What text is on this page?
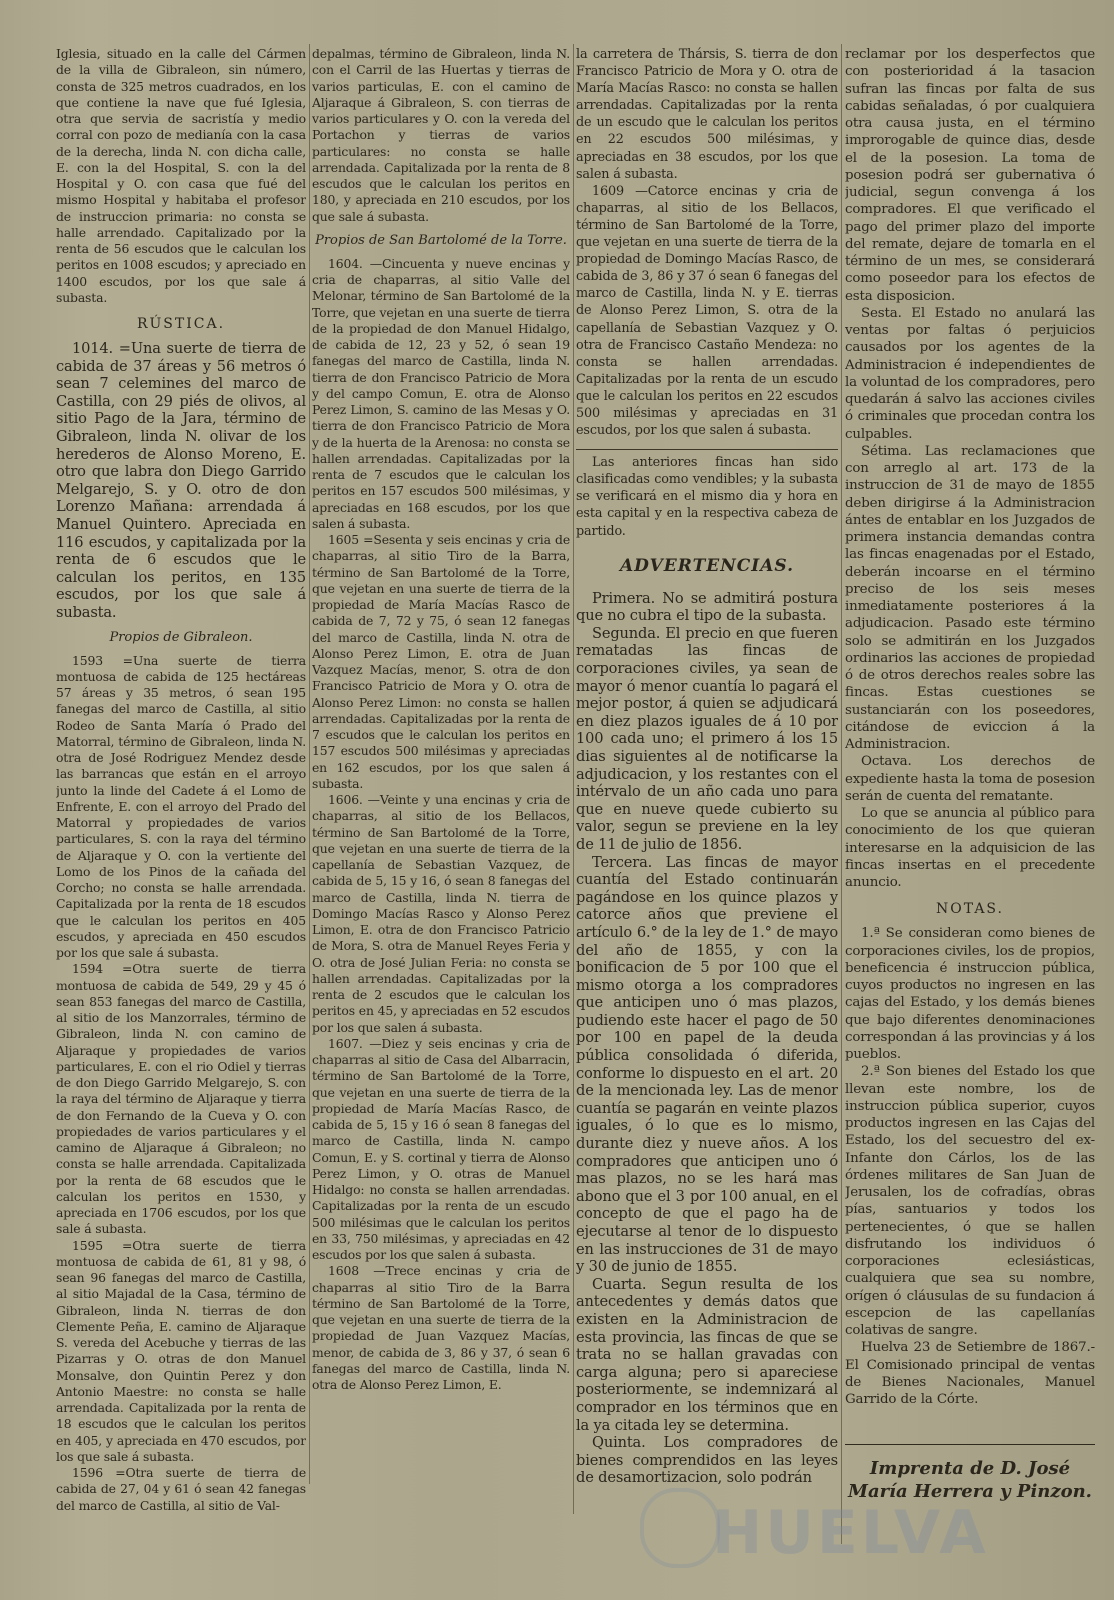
Iglesia, situado en la calle del Cármen de la villa de Gibraleon, sin número, consta de 325 metros cuadrados, en los que contiene la nave que fué Iglesia, otra que servia de sacristía y medio corral con pozo de medianía con la casa de la derecha, linda N. con dicha calle, E. con la del Hospital, S. con la del Hospital y O. con casa que fué del mismo Hospital y habitaba el profesor de instruccion primaria: no consta se halle arrendado. Capitalizado por la renta de 56 escudos que le calculan los peritos en 1008 escudos; y apreciado en 1400 escudos, por los que sale á subasta.

RÚSTICA.

1014. =Una suerte de tierra de cabida de 37 áreas y 56 metros ó sean 7 celemines del marco de Castilla, con 29 piés de olivos, al sitio Pago de la Jara, término de Gibraleon, linda N. olivar de los herederos de Alonso Moreno, E. otro que labra don Diego Garrido Melgarejo, S. y O. otro de don Lorenzo Mañana: arrendada á Manuel Quintero. Apreciada en 116 escudos, y capitalizada por la renta de 6 escudos que le calculan los peritos, en 135 escudos, por los que sale á subasta.

Propios de Gibraleon.

1593 =Una suerte de tierra montuosa de cabida de 125 hectáreas 57 áreas y 35 metros, ó sean 195 fanegas del marco de Castilla, al sitio Rodeo de Santa María ó Prado del Matorral, término de Gibraleon, linda N. otra de José Rodriguez Mendez desde las barrancas que están en el arroyo junto la linde del Cadete á el Lomo de Enfrente, E. con el arroyo del Prado del Matorral y propiedades de varios particulares, S. con la raya del término de Aljaraque y O. con la vertiente del Lomo de los Pinos de la cañada del Corcho; no consta se halle arrendada. Capitalizada por la renta de 18 escudos que le calculan los peritos en 405 escudos, y apreciada en 450 escudos por los que sale á subasta.

1594 =Otra suerte de tierra montuosa de cabida de 549, 29 y 45 ó sean 853 fanegas del marco de Castilla, al sitio de los Manzorrales, término de Gibraleon, linda N. con camino de Aljaraque y propiedades de varios particulares, E. con el rio Odiel y tierras de don Diego Garrido Melgarejo, S. con la raya del término de Aljaraque y tierra de don Fernando de la Cueva y O. con propiedades de varios particulares y el camino de Aljaraque á Gibraleon; no consta se halle arrendada. Capitalizada por la renta de 68 escudos que le calculan los peritos en 1530, y apreciada en 1706 escudos, por los que sale á subasta.

1595 =Otra suerte de tierra montuosa de cabida de 61, 81 y 98, ó sean 96 fanegas del marco de Castilla, al sitio Majadal de la Casa, término de Gibraleon, linda N. tierras de don Clemente Peña, E. camino de Aljaraque S. vereda del Acebuche y tierras de las Pizarras y O. otras de don Manuel Monsalve, don Quintin Perez y don Antonio Maestre: no consta se halle arrendada. Capitalizada por la renta de 18 escudos que le calculan los peritos en 405, y apreciada en 470 escudos, por los que sale á subasta.

1596 =Otra suerte de tierra de cabida de 27, 04 y 61 ó sean 42 fanegas del marco de Castilla, al sitio de Val-

depalmas, término de Gibraleon, linda N. con el Carril de las Huertas y tierras de varios particulas, E. con el camino de Aljaraque á Gibraleon, S. con tierras de varios particulares y O. con la vereda del Portachon y tierras de varios particulares: no consta se halle arrendada. Capitalizada por la renta de 8 escudos que le calculan los peritos en 180, y apreciada en 210 escudos, por los que sale á subasta.

Propios de San Bartolomé de la Torre.

1604. —Cincuenta y nueve encinas y cria de chaparras, al sitio Valle del Melonar, término de San Bartolomé de la Torre, que vejetan en una suerte de tierra de la propiedad de don Manuel Hidalgo, de cabida de 12, 23 y 52, ó sean 19 fanegas del marco de Castilla, linda N. tierra de don Francisco Patricio de Mora y del campo Comun, E. otra de Alonso Perez Limon, S. camino de las Mesas y O. tierra de don Francisco Patricio de Mora y de la huerta de la Arenosa: no consta se hallen arrendadas. Capitalizadas por la renta de 7 escudos que le calculan los peritos en 157 escudos 500 milésimas, y apreciadas en 168 escudos, por los que salen á subasta.

1605 =Sesenta y seis encinas y cria de chaparras, al sitio Tiro de la Barra, término de San Bartolomé de la Torre, que vejetan en una suerte de tierra de la propiedad de María Macías Rasco de cabida de 7, 72 y 75, ó sean 12 fanegas del marco de Castilla, linda N. otra de Alonso Perez Limon, E. otra de Juan Vazquez Macías, menor, S. otra de don Francisco Patricio de Mora y O. otra de Alonso Perez Limon: no consta se hallen arrendadas. Capitalizadas por la renta de 7 escudos que le calculan los peritos en 157 escudos 500 milésimas y apreciadas en 162 escudos, por los que salen á subasta.

1606. —Veinte y una encinas y cria de chaparras, al sitio de los Bellacos, término de San Bartolomé de la Torre, que vejetan en una suerte de tierra de la capellanía de Sebastian Vazquez, de cabida de 5, 15 y 16, ó sean 8 fanegas del marco de Castilla, linda N. tierra de Domingo Macías Rasco y Alonso Perez Limon, E. otra de don Francisco Patricio de Mora, S. otra de Manuel Reyes Feria y O. otra de José Julian Feria: no consta se hallen arrendadas. Capitalizadas por la renta de 2 escudos que le calculan los peritos en 45, y apreciadas en 52 escudos por los que salen á subasta.

1607. —Diez y seis encinas y cria de chaparras al sitio de Casa del Albarracin, término de San Bartolomé de la Torre, que vejetan en una suerte de tierra de la propiedad de María Macías Rasco, de cabida de 5, 15 y 16 ó sean 8 fanegas del marco de Castilla, linda N. campo Comun, E. y S. cortinal y tierra de Alonso Perez Limon, y O. otras de Manuel Hidalgo: no consta se hallen arrendadas. Capitalizadas por la renta de un escudo 500 milésimas que le calculan los peritos en 33, 750 milésimas, y apreciadas en 42 escudos por los que salen á subasta.

1608 —Trece encinas y cria de chaparras al sitio Tiro de la Barra término de San Bartolomé de la Torre, que vejetan en una suerte de tierra de la propiedad de Juan Vazquez Macías, menor, de cabida de 3, 86 y 37, ó sean 6 fanegas del marco de Castilla, linda N. otra de Alonso Perez Limon, E.

la carretera de Thársis, S. tierra de don Francisco Patricio de Mora y O. otra de María Macías Rasco: no consta se hallen arrendadas. Capitalizadas por la renta de un escudo que le calculan los peritos en 22 escudos 500 milésimas, y apreciadas en 38 escudos, por los que salen á subasta.

1609 —Catorce encinas y cria de chaparras, al sitio de los Bellacos, término de San Bartolomé de la Torre, que vejetan en una suerte de tierra de la propiedad de Domingo Macías Rasco, de cabida de 3, 86 y 37 ó sean 6 fanegas del marco de Castilla, linda N. y E. tierras de Alonso Perez Limon, S. otra de la capellanía de Sebastian Vazquez y O. otra de Francisco Castaño Mendeza: no consta se hallen arrendadas. Capitalizadas por la renta de un escudo que le calculan los peritos en 22 escudos 500 milésimas y apreciadas en 31 escudos, por los que salen á subasta.

Las anteriores fincas han sido clasificadas como vendibles; y la subasta se verificará en el mismo dia y hora en esta capital y en la respectiva cabeza de partido.

ADVERTENCIAS.

Primera. No se admitirá postura que no cubra el tipo de la subasta.

Segunda. El precio en que fueren rematadas las fincas de corporaciones civiles, ya sean de mayor ó menor cuantía lo pagará el mejor postor, á quien se adjudicará en diez plazos iguales de á 10 por 100 cada uno; el primero á los 15 dias siguientes al de notificarse la adjudicacion, y los restantes con el intérvalo de un año cada uno para que en nueve quede cubierto su valor, segun se previene en la ley de 11 de julio de 1856.

Tercera. Las fincas de mayor cuantía del Estado continuarán pagándose en los quince plazos y catorce años que previene el artículo 6.° de la ley de 1.° de mayo del año de 1855, y con la bonificacion de 5 por 100 que el mismo otorga a los compradores que anticipen uno ó mas plazos, pudiendo este hacer el pago de 50 por 100 en papel de la deuda pública consolidada ó diferida, conforme lo dispuesto en el art. 20 de la mencionada ley. Las de menor cuantía se pagarán en veinte plazos iguales, ó lo que es lo mismo, durante diez y nueve años. A los compradores que anticipen uno ó mas plazos, no se les hará mas abono que el 3 por 100 anual, en el concepto de que el pago ha de ejecutarse al tenor de lo dispuesto en las instrucciones de 31 de mayo y 30 de junio de 1855.

Cuarta. Segun resulta de los antecedentes y demás datos que existen en la Administracion de esta provincia, las fincas de que se trata no se hallan gravadas con carga alguna; pero si apareciese posteriormente, se indemnizará al comprador en los términos que en la ya citada ley se determina.

Quinta. Los compradores de bienes comprendidos en las leyes de desamortizacion, solo podrán

reclamar por los desperfectos que con posterioridad á la tasacion sufran las fincas por falta de sus cabidas señaladas, ó por cualquiera otra causa justa, en el término improrogable de quince dias, desde el de la posesion. La toma de posesion podrá ser gubernativa ó judicial, segun convenga á los compradores. El que verificado el pago del primer plazo del importe del remate, dejare de tomarla en el término de un mes, se considerará como poseedor para los efectos de esta disposicion.

Sesta. El Estado no anulará las ventas por faltas ó perjuicios causados por los agentes de la Administracion é independientes de la voluntad de los compradores, pero quedarán á salvo las acciones civiles ó criminales que procedan contra los culpables.

Sétima. Las reclamaciones que con arreglo al art. 173 de la instruccion de 31 de mayo de 1855 deben dirigirse á la Administracion ántes de entablar en los Juzgados de primera instancia demandas contra las fincas enagenadas por el Estado, deberán incoarse en el término preciso de los seis meses inmediatamente posteriores á la adjudicacion. Pasado este término solo se admitirán en los Juzgados ordinarios las acciones de propiedad ó de otros derechos reales sobre las fincas. Estas cuestiones se sustanciarán con los poseedores, citándose de eviccion á la Administracion.

Octava. Los derechos de expediente hasta la toma de posesion serán de cuenta del rematante.

Lo que se anuncia al público para conocimiento de los que quieran interesarse en la adquisicion de las fincas insertas en el precedente anuncio.

NOTAS.

1.ª Se consideran como bienes de corporaciones civiles, los de propios, beneficencia é instruccion pública, cuyos productos no ingresen en las cajas del Estado, y los demás bienes que bajo diferentes denominaciones correspondan á las provincias y á los pueblos.

2.ª Son bienes del Estado los que llevan este nombre, los de instruccion pública superior, cuyos productos ingresen en las Cajas del Estado, los del secuestro del ex-Infante don Cárlos, los de las órdenes militares de San Juan de Jerusalen, los de cofradías, obras pías, santuarios y todos los pertenecientes, ó que se hallen disfrutando los individuos ó corporaciones eclesiásticas, cualquiera que sea su nombre, orígen ó cláusulas de su fundacion á escepcion de las capellanías colativas de sangre.

Huelva 23 de Setiembre de 1867.-El Comisionado principal de ventas de Bienes Nacionales, Manuel Garrido de la Córte.

Imprenta de D. José María Herrera y Pinzon.
HUELVA
